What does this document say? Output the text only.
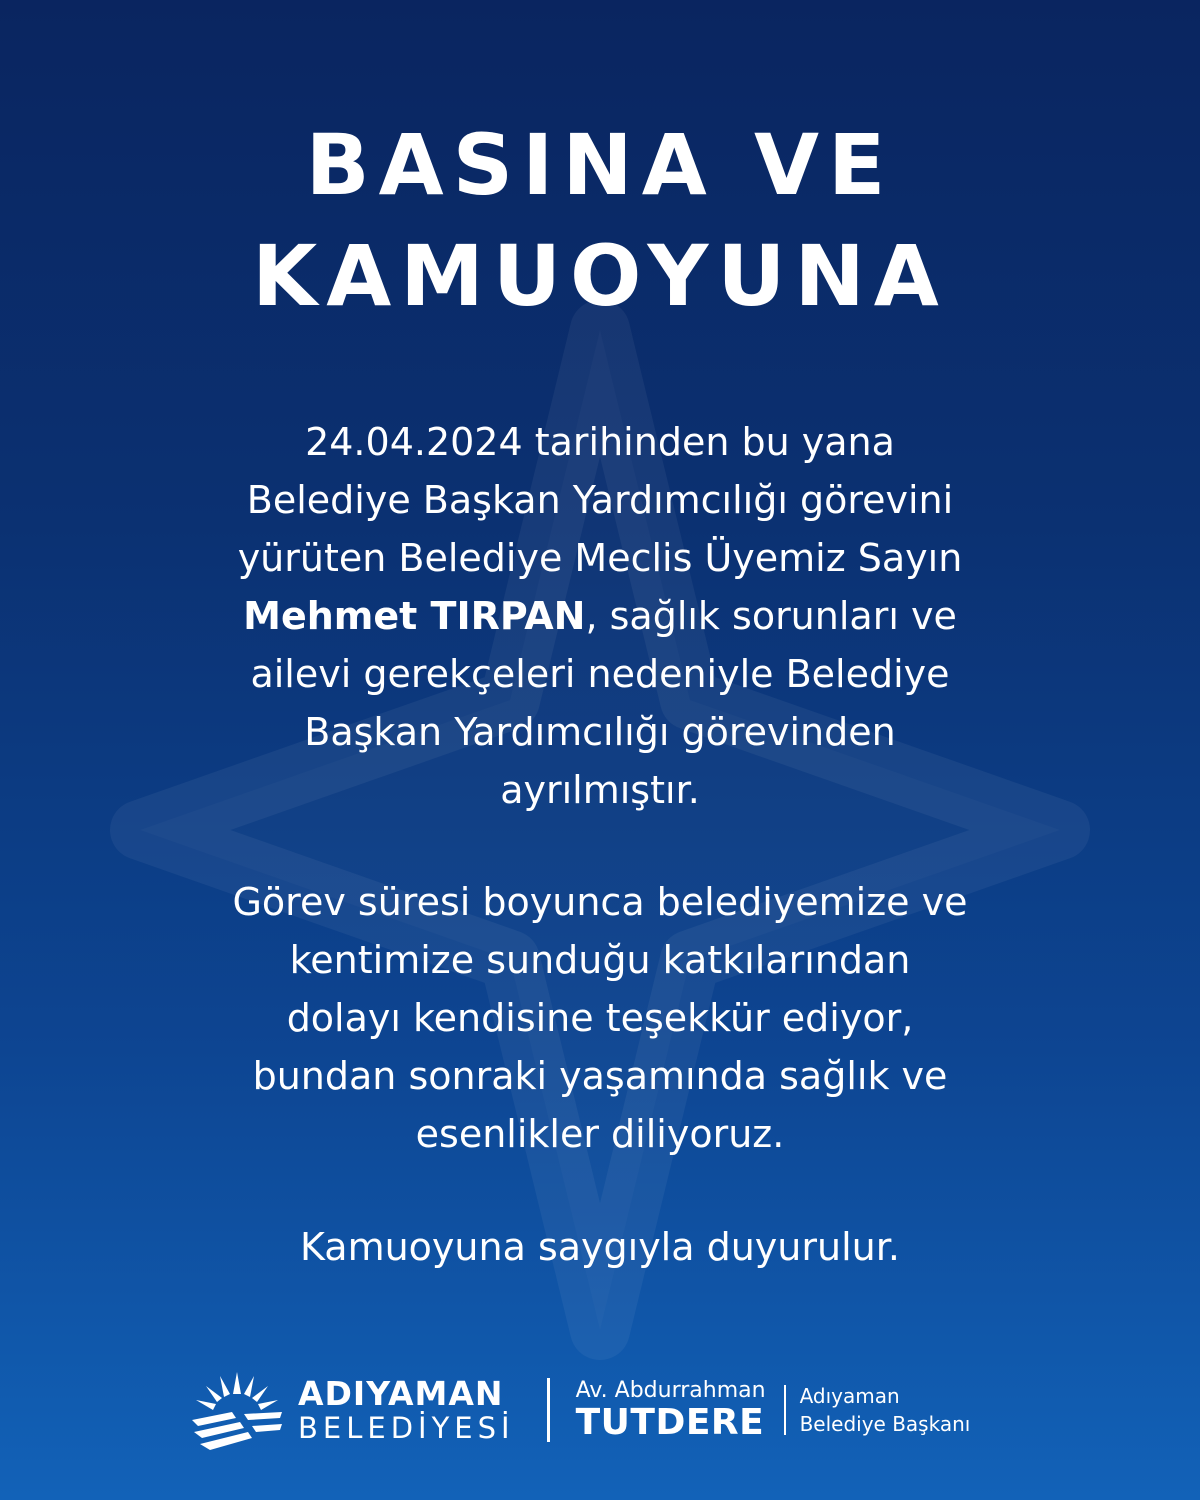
BASINA VE
KAMUOYUNA

24.04.2024 tarihinden bu yana
Belediye Başkan Yardımcılığı görevini
yürüten Belediye Meclis Üyemiz Sayın
Mehmet TIRPAN, sağlık sorunları ve
ailevi gerekçeleri nedeniyle Belediye
Başkan Yardımcılığı görevinden
ayrılmıştır.

Görev süresi boyunca belediyemize ve
kentimize sunduğu katkılarından
dolayı kendisine teşekkür ediyor,
bundan sonraki yaşamında sağlık ve
esenlikler diliyoruz.

Kamuoyuna saygıyla duyurulur.

ADIYAMAN
BELEDİYESİ
Av. Abdurrahman
TUTDERE
Adıyaman
Belediye Başkanı
